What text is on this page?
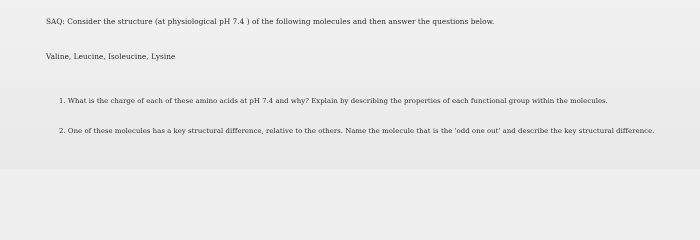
SAQ: Consider the structure (at physiological pH 7.4 ) of the following molecules and then answer the questions below.
Valine, Leucine, Isoleucine, Lysine
1. What is the charge of each of these amino acids at pH 7.4 and why? Explain by describing the properties of each functional group within the molecules.
2. One of these molecules has a key structural difference, relative to the others. Name the molecule that is the 'odd one out' and describe the key structural difference.
